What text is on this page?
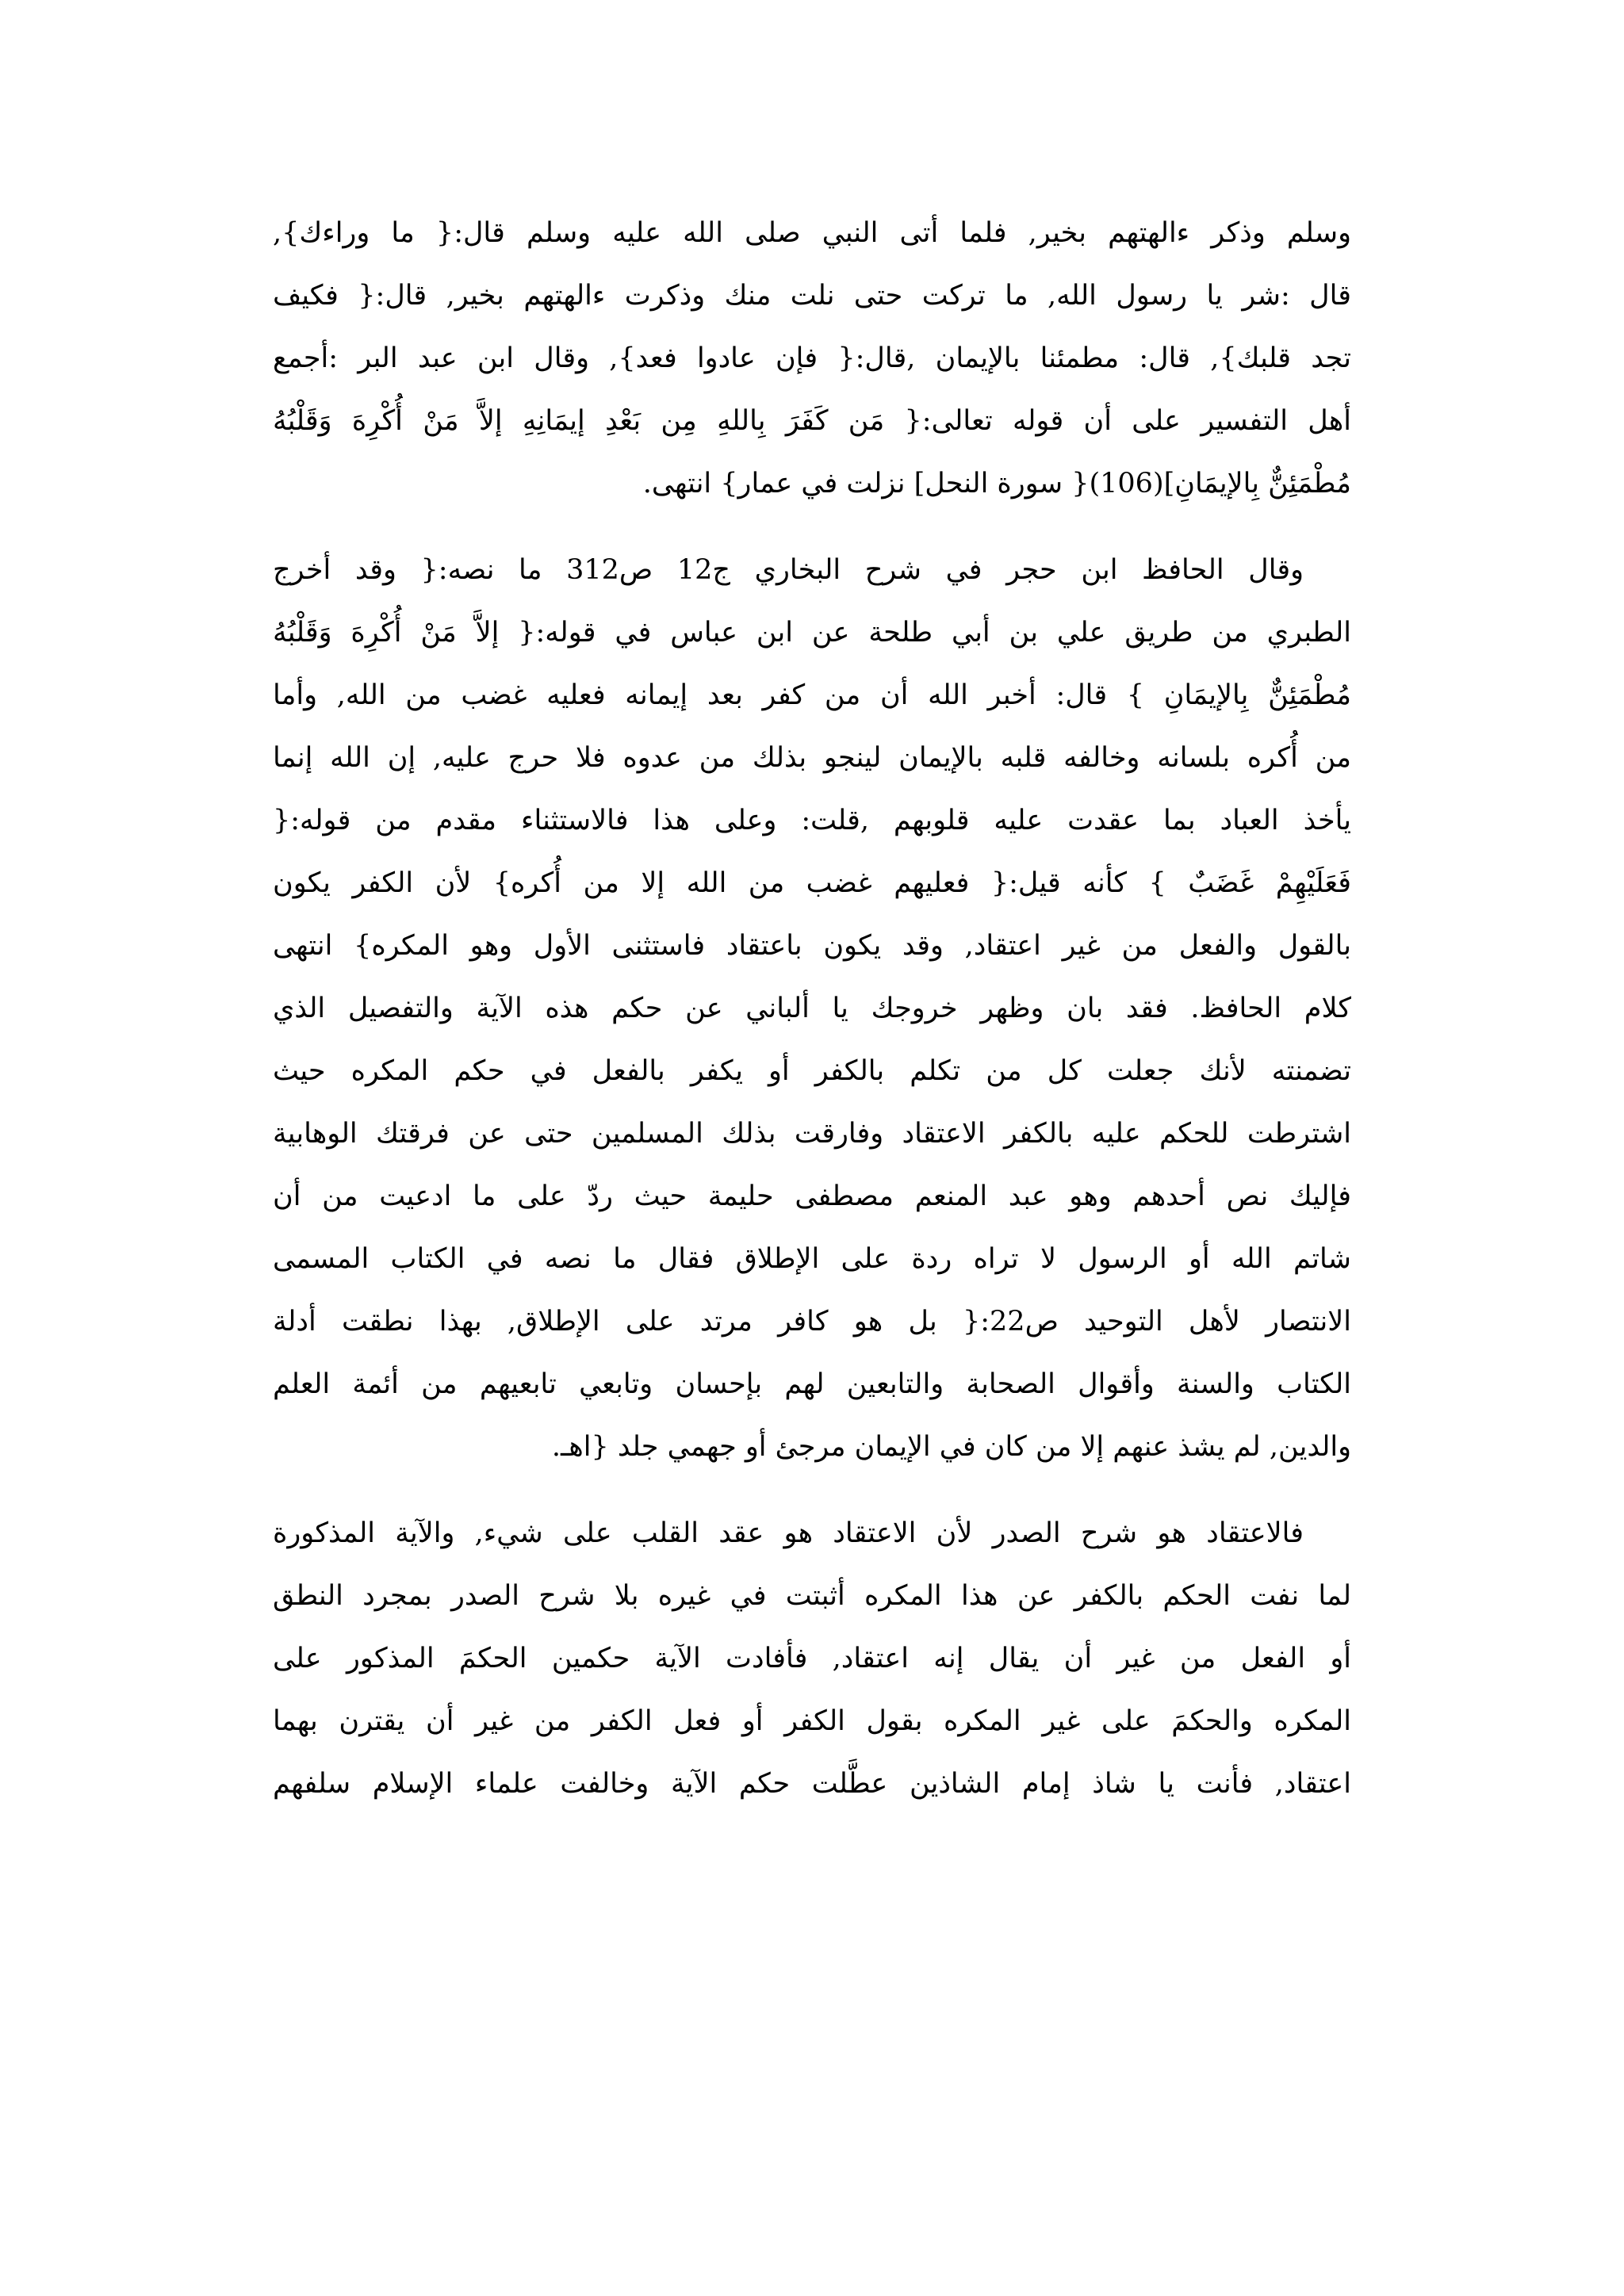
وسلم وذكر ءالهتهم بخير, فلما أتى النبي صلى الله عليه وسلم قال:{ ما وراءك},
قال :شر يا رسول الله, ما تركت حتى نلت منك وذكرت ءالهتهم بخير, قال:{ فكيف
تجد قلبك}, قال: مطمئنا بالإيمان ,قال:{ فإن عادوا فعد}, وقال ابن عبد البر :أجمع
أهل التفسير على أن قوله تعالى:{ مَن كَفَرَ بِاللهِ مِن بَعْدِ إيمَانِهِ إلاَّ مَنْ أُكْرِهَ وَقَلْبُهُ
مُطْمَئِنٌّ بِالإيمَانِ](106){ سورة النحل] نزلت في عمار} انتهى.
وقال الحافظ ابن حجر في شرح البخاري ج12 ص312 ما نصه:{ وقد أخرج
الطبري من طريق علي بن أبي طلحة عن ابن عباس في قوله:{ إلاَّ مَنْ أُكْرِهَ وَقَلْبُهُ
مُطْمَئِنٌّ بِالإيمَانِ } قال: أخبر الله أن من كفر بعد إيمانه فعليه غضب من الله, وأما
من أُكره بلسانه وخالفه قلبه بالإيمان لينجو بذلك من عدوه فلا حرج عليه, إن الله إنما
يأخذ العباد بما عقدت عليه قلوبهم ,قلت: وعلى هذا فالاستثناء مقدم من قوله:{
فَعَلَيْهِمْ غَضَبٌ } كأنه قيل:{ فعليهم غضب من الله إلا من أُكره} لأن الكفر يكون
بالقول والفعل من غير اعتقاد, وقد يكون باعتقاد فاستثنى الأول وهو المكره} انتهى
كلام الحافظ. فقد بان وظهر خروجك يا ألباني عن حكم هذه الآية والتفصيل الذي
تضمنته لأنك جعلت كل من تكلم بالكفر أو يكفر بالفعل في حكم المكره حيث
اشترطت للحكم عليه بالكفر الاعتقاد وفارقت بذلك المسلمين حتى عن فرقتك الوهابية
فإليك نص أحدهم وهو عبد المنعم مصطفى حليمة حيث ردّ على ما ادعيت من أن
شاتم الله أو الرسول لا تراه ردة على الإطلاق فقال ما نصه في الكتاب المسمى
الانتصار لأهل التوحيد ص22:{ بل هو كافر مرتد على الإطلاق, بهذا نطقت أدلة
الكتاب والسنة وأقوال الصحابة والتابعين لهم بإحسان وتابعي تابعيهم من أئمة العلم
والدين, لم يشذ عنهم إلا من كان في الإيمان مرجئ أو جهمي جلد {اهـ.
فالاعتقاد هو شرح الصدر لأن الاعتقاد هو عقد القلب على شيء, والآية المذكورة
لما نفت الحكم بالكفر عن هذا المكره أثبتت في غيره بلا شرح الصدر بمجرد النطق
أو الفعل من غير أن يقال إنه اعتقاد, فأفادت الآية حكمين الحكمَ المذكور على
المكره والحكمَ على غير المكره بقول الكفر أو فعل الكفر من غير أن يقترن بهما
اعتقاد, فأنت يا شاذ إمام الشاذين عطَّلت حكم الآية وخالفت علماء الإسلام سلفهم
